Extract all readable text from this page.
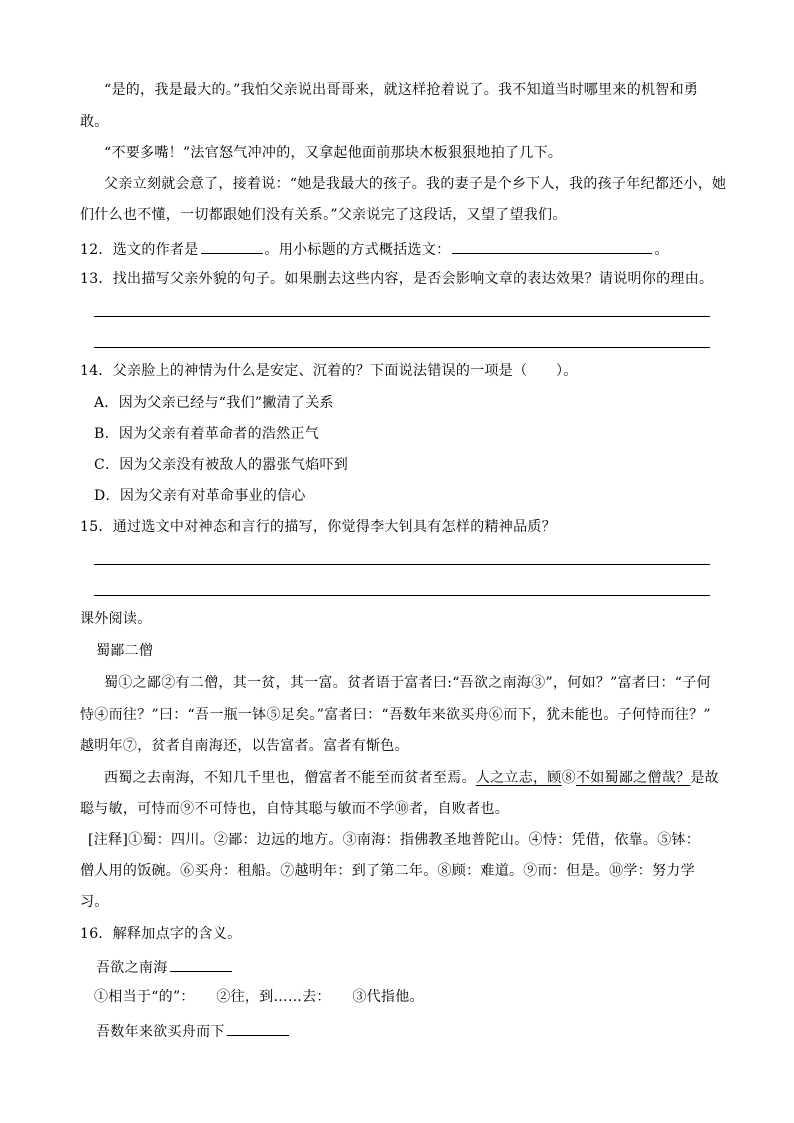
“是的，我是最大的。”我怕父亲说出哥哥来，就这样抢着说了。我不知道当时哪里来的机智和勇
敢。
“不要多嘴！”法官怒气冲冲的，又拿起他面前那块木板狠狠地拍了几下。
父亲立刻就会意了，接着说：“她是我最大的孩子。我的妻子是个乡下人，我的孩子年纪都还小，她
们什么也不懂，一切都跟她们没有关系。”父亲说完了这段话，又望了望我们。
12．选文的作者是	。用小标题的方式概括选文：	。
13．找出描写父亲外貌的句子。如果删去这些内容，是否会影响文章的表达效果？请说明你的理由。
14．父亲脸上的神情为什么是安定、沉着的？下面说法错误的一项是（　　）。
A．因为父亲已经与“我们”撇清了关系
B．因为父亲有着革命者的浩然正气
C．因为父亲没有被敌人的嚣张气焰吓到
D．因为父亲有对革命事业的信心
15．通过选文中对神态和言行的描写，你觉得李大钊具有怎样的精神品质？
课外阅读。
蜀鄙二僧
蜀①之鄙②有二僧，其一贫，其一富。贫者语于富者曰:“吾欲之南海③”，何如？”富者曰：“子何
恃④而往？”曰：“吾一瓶一钵⑤足矣。”富者曰：“吾数年来欲买舟⑥而下，犹未能也。子何恃而往？”
越明年⑦，贫者自南海还，以告富者。富者有惭色。
西蜀之去南海，不知几千里也，僧富者不能至而贫者至焉。人之立志，顾⑧不如蜀鄙之僧哉？是故
聪与敏，可恃而⑨不可恃也，自恃其聪与敏而不学⑩者，自败者也。
[注释]①蜀：四川。②鄙：边远的地方。③南海：指佛教圣地普陀山。④恃：凭借，依靠。⑤钵：
僧人用的饭碗。⑥买舟：租船。⑦越明年：到了第二年。⑧顾：难道。⑨而：但是。⑩学：努力学
习。
16．解释加点字的含义。
吾欲之南海
①相当于“的”：　　②往，到……去：　　③代指他。
吾数年来欲买舟而下
